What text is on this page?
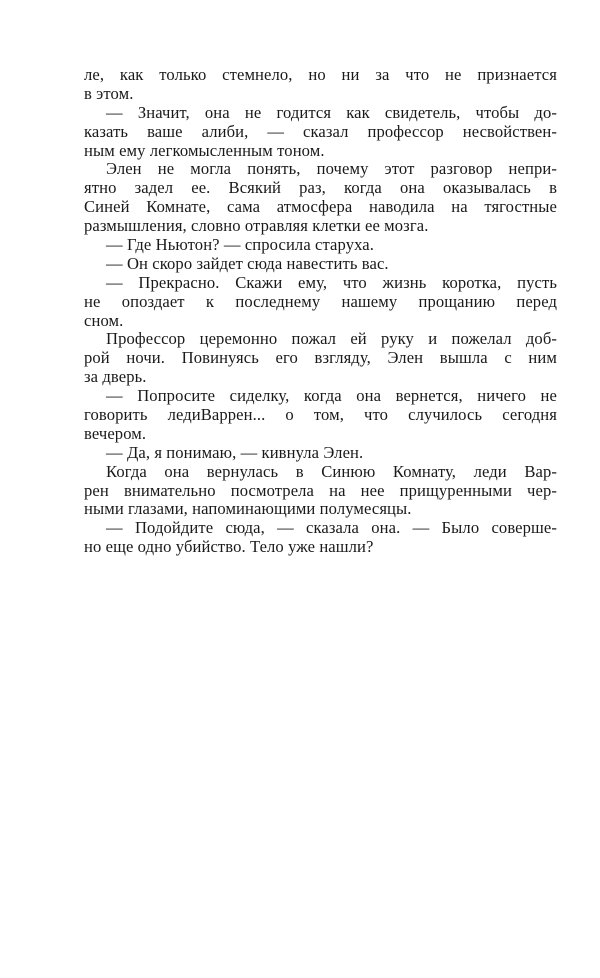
ле, как только стемнело, но ни за что не признается
в этом.
— Значит, она не годится как свидетель, чтобы до-
казать ваше алиби, — сказал профессор несвойствен-
ным ему легкомысленным тоном.
Элен не могла понять, почему этот разговор непри-
ятно задел ее. Всякий раз, когда она оказывалась в
Синей Комнате, сама атмосфера наводила на тягостные
размышления, словно отравляя клетки ее мозга.
— Где Ньютон? — спросила старуха.
— Он скоро зайдет сюда навестить вас.
— Прекрасно. Скажи ему, что жизнь коротка, пусть
не опоздает к последнему нашему прощанию перед
сном.
Профессор церемонно пожал ей руку и пожелал доб-
рой ночи. Повинуясь его взгляду, Элен вышла с ним
за дверь.
— Попросите сиделку, когда она вернется, ничего не
говорить ледиВаррен... о том, что случилось сегодня
вечером.
— Да, я понимаю, — кивнула Элен.
Когда она вернулась в Синюю Комнату, леди Вар-
рен внимательно посмотрела на нее прищуренными чер-
ными глазами, напоминающими полумесяцы.
— Подойдите сюда, — сказала она. — Было соверше-
но еще одно убийство. Тело уже нашли?
